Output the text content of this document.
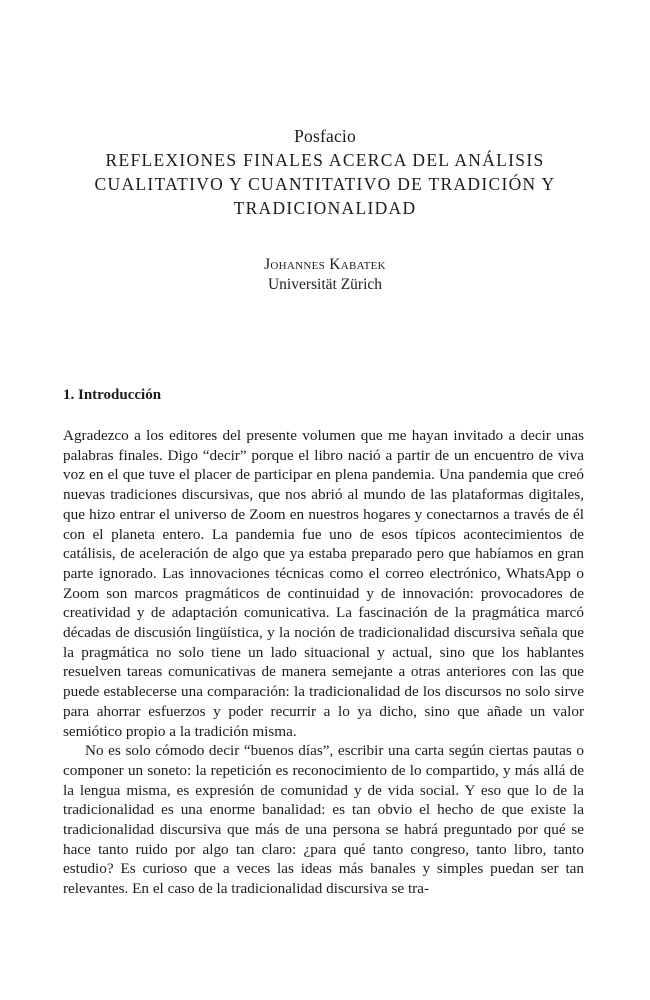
Posfacio
REFLEXIONES FINALES ACERCA DEL ANÁLISIS
CUALITATIVO Y CUANTITATIVO DE TRADICIÓN Y
TRADICIONALIDAD
Johannes Kabatek
Universität Zürich
1. Introducción

Agradezco a los editores del presente volumen que me hayan invitado a decir unas palabras finales. Digo “decir” porque el libro nació a partir de un encuentro de viva voz en el que tuve el placer de participar en plena pandemia. Una pandemia que creó nuevas tradiciones discursivas, que nos abrió al mundo de las plataformas digitales, que hizo entrar el universo de Zoom en nuestros hogares y conectarnos a través de él con el planeta entero. La pandemia fue uno de esos típicos acontecimientos de catálisis, de aceleración de algo que ya estaba preparado pero que habíamos en gran parte ignorado. Las innovaciones técnicas como el correo electrónico, WhatsApp o Zoom son marcos pragmáticos de continuidad y de innovación: provocadores de creatividad y de adaptación comunicativa. La fascinación de la pragmática marcó décadas de discusión lingüística, y la noción de tradicionalidad discursiva señala que la pragmática no solo tiene un lado situacional y actual, sino que los hablantes resuelven tareas comunicativas de manera semejante a otras anteriores con las que puede establecerse una comparación: la tradicionalidad de los discursos no solo sirve para ahorrar esfuerzos y poder recurrir a lo ya dicho, sino que añade un valor semiótico propio a la tradición misma.

No es solo cómodo decir “buenos días”, escribir una carta según ciertas pautas o componer un soneto: la repetición es reconocimiento de lo compartido, y más allá de la lengua misma, es expresión de comunidad y de vida social. Y eso que lo de la tradicionalidad es una enorme banalidad: es tan obvio el hecho de que existe la tradicionalidad discursiva que más de una persona se habrá preguntado por qué se hace tanto ruido por algo tan claro: ¿para qué tanto congreso, tanto libro, tanto estudio? Es curioso que a veces las ideas más banales y simples puedan ser tan relevantes. En el caso de la tradicionalidad discursiva se tra-
